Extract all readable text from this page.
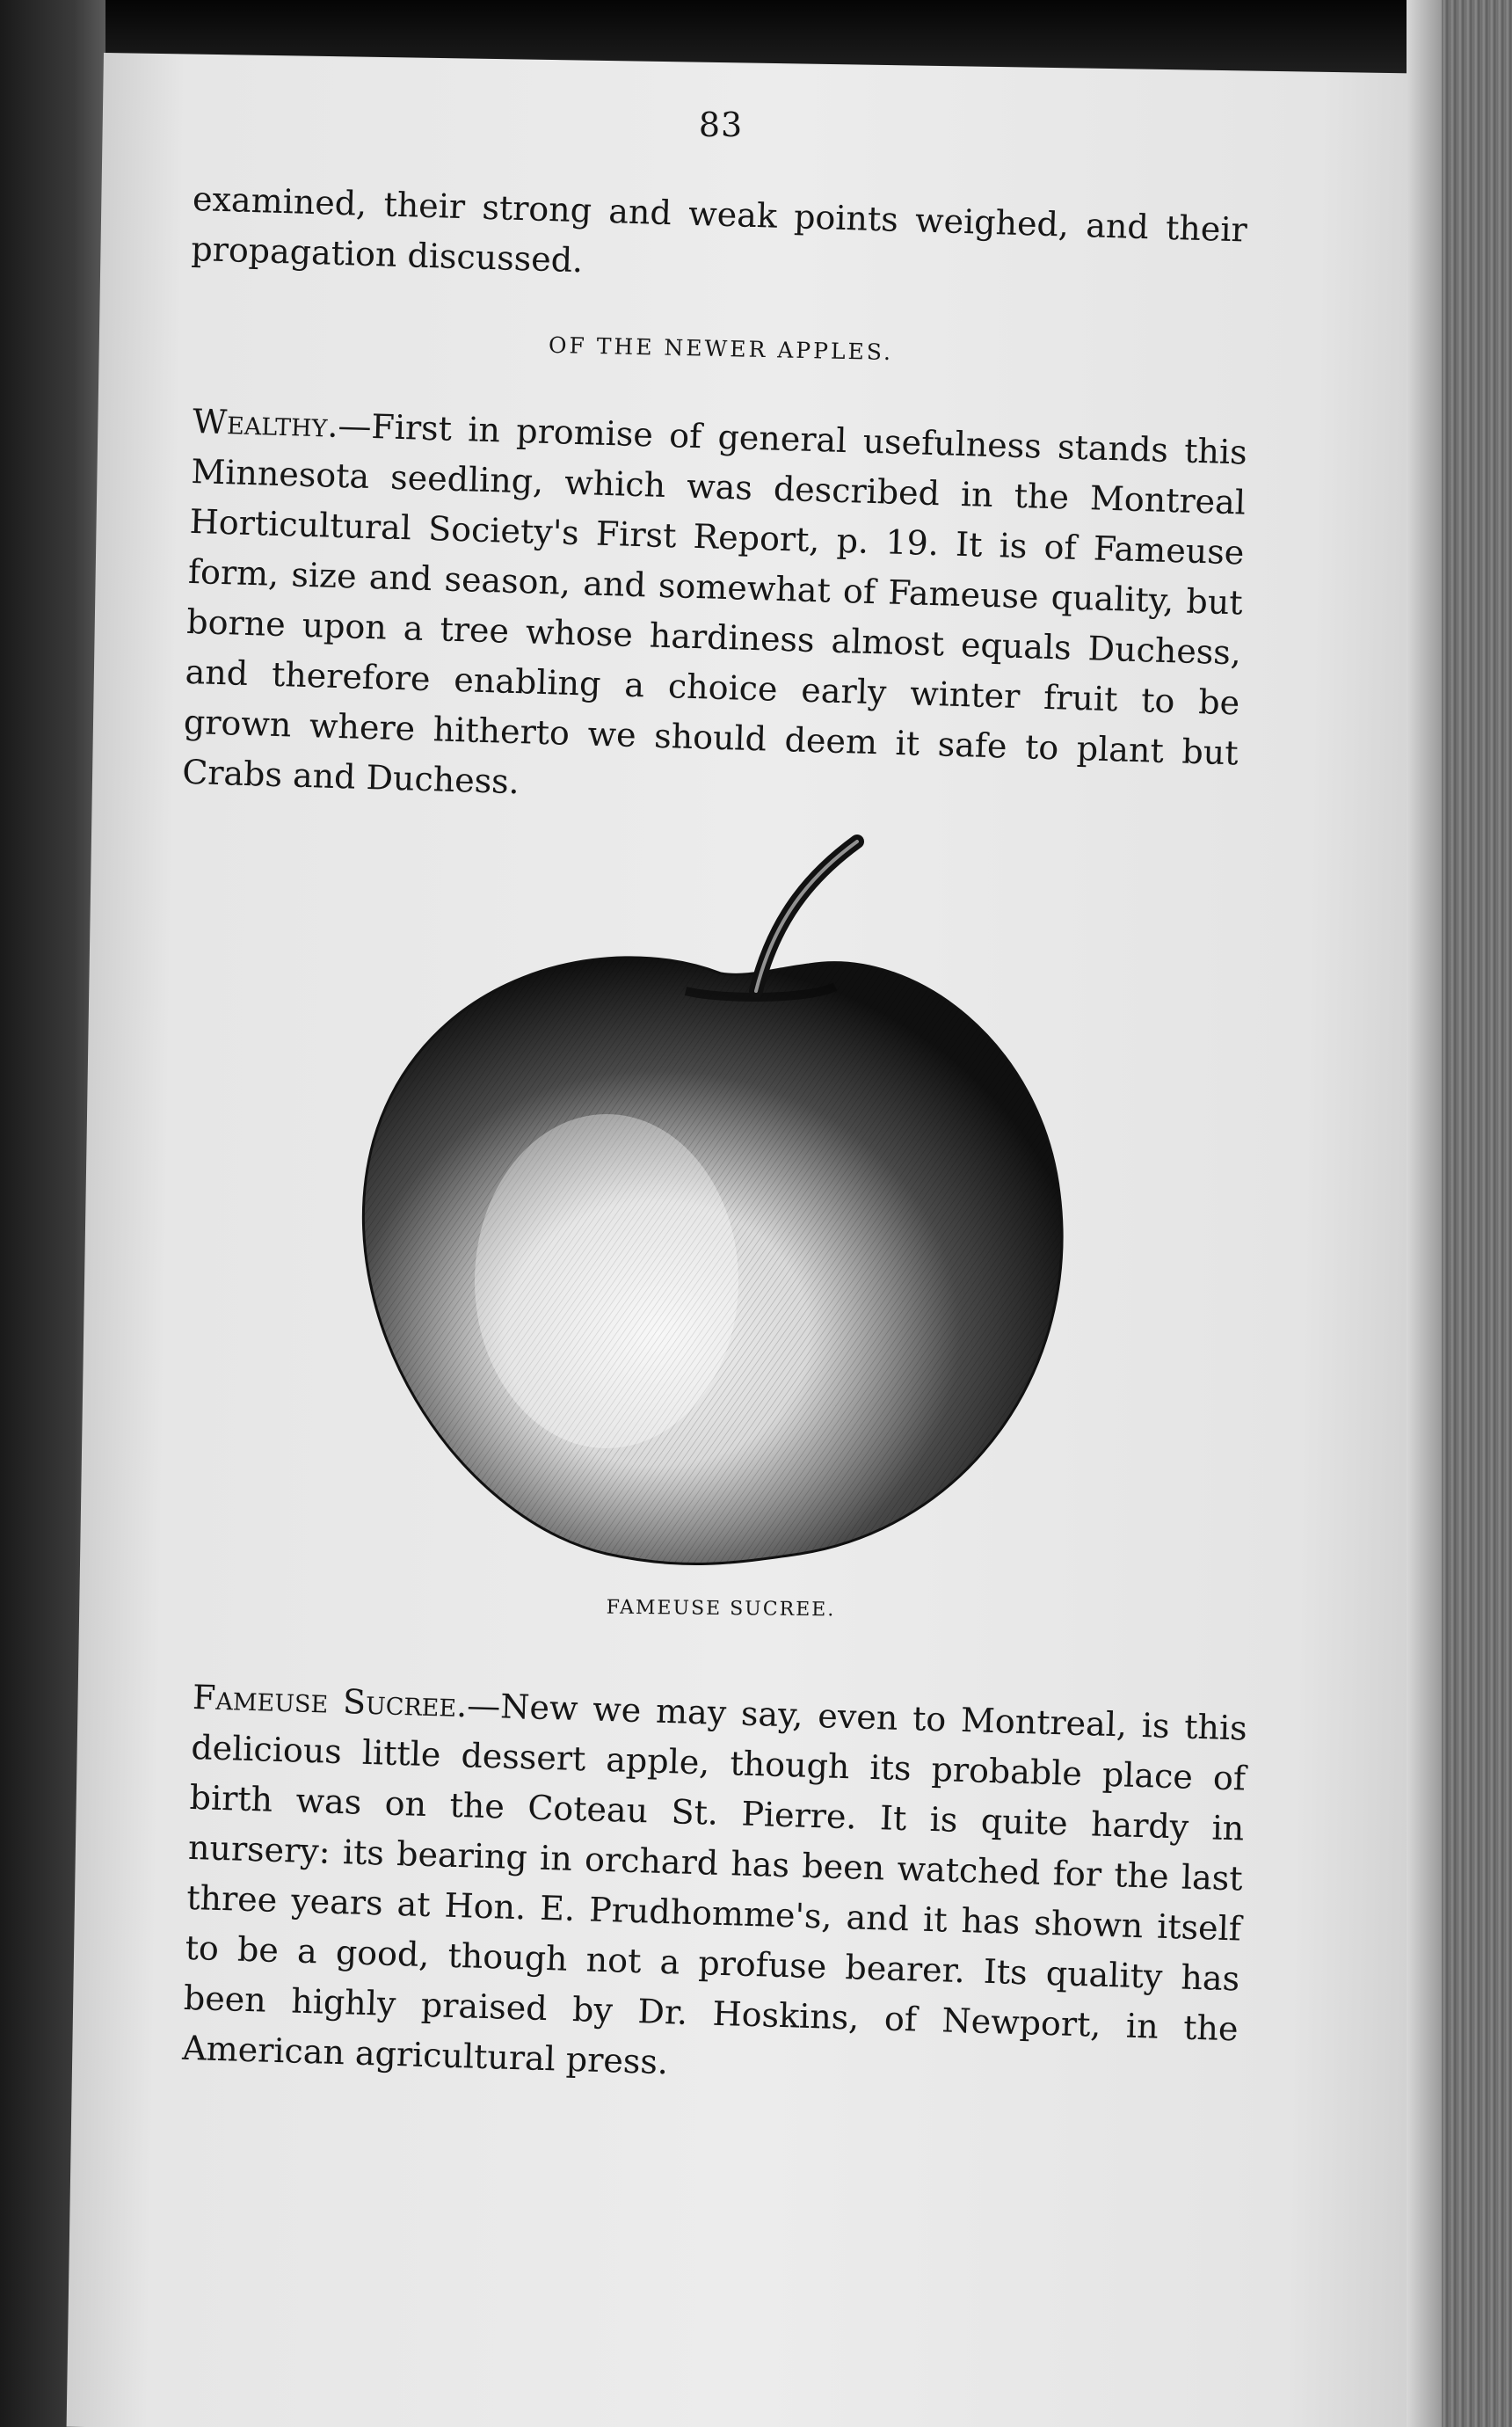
83

examined, their strong and weak points weighed, and their propagation discussed.

OF THE NEWER APPLES.

Wealthy.—First in promise of general usefulness stands this Minnesota seedling, which was described in the Montreal Horticultural Society's First Report, p. 19. It is of Fameuse form, size and season, and somewhat of Fameuse quality, but borne upon a tree whose hardiness almost equals Duchess, and therefore enabling a choice early winter fruit to be grown where hitherto we should deem it safe to plant but Crabs and Duchess.

FAMEUSE SUCREE.

Fameuse Sucree.—New we may say, even to Montreal, is this delicious little dessert apple, though its probable place of birth was on the Coteau St. Pierre. It is quite hardy in nursery: its bearing in orchard has been watched for the last three years at Hon. E. Prudhomme's, and it has shown itself to be a good, though not a profuse bearer. Its quality has been highly praised by Dr. Hoskins, of Newport, in the American agricultural press.
